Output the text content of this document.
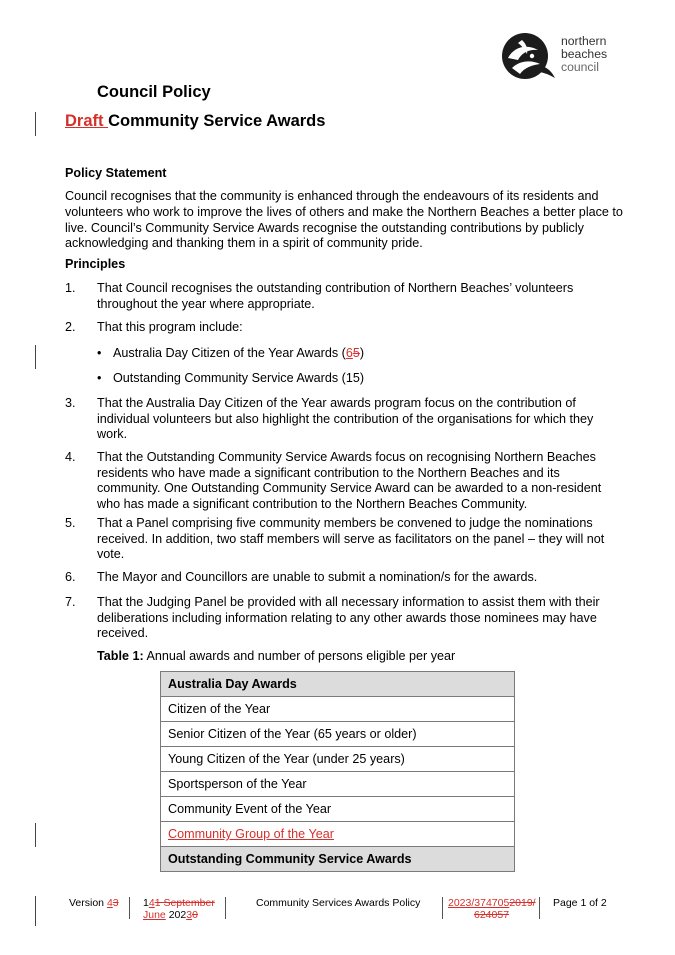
northern
beaches
council
Council Policy
Draft Community Service Awards
Policy Statement
Council recognises that the community is enhanced through the endeavours of its residents and volunteers who work to improve the lives of others and make the Northern Beaches a better place to live. Council’s Community Service Awards recognise the outstanding contributions by publicly acknowledging and thanking them in a spirit of community pride.
Principles
1. That Council recognises the outstanding contribution of Northern Beaches’ volunteers throughout the year where appropriate.
2. That this program include:
• Australia Day Citizen of the Year Awards (65)
• Outstanding Community Service Awards (15)
3. That the Australia Day Citizen of the Year awards program focus on the contribution of individual volunteers but also highlight the contribution of the organisations for which they work.
4. That the Outstanding Community Service Awards focus on recognising Northern Beaches residents who have made a significant contribution to the Northern Beaches and its community. One Outstanding Community Service Award can be awarded to a non-resident who has made a significant contribution to the Northern Beaches Community.
5. That a Panel comprising five community members be convened to judge the nominations received. In addition, two staff members will serve as facilitators on the panel – they will not vote.
6. The Mayor and Councillors are unable to submit a nomination/s for the awards.
7. That the Judging Panel be provided with all necessary information to assist them with their deliberations including information relating to any other awards those nominees may have received.
Table 1: Annual awards and number of persons eligible per year
Australia Day Awards
Citizen of the Year
Senior Citizen of the Year (65 years or older)
Young Citizen of the Year (under 25 years)
Sportsperson of the Year
Community Event of the Year
Community Group of the Year
Outstanding Community Service Awards
Version 43 141 September
June 20230
Community Services Awards Policy	2023/3747052019/
624057
Page 1 of 2
